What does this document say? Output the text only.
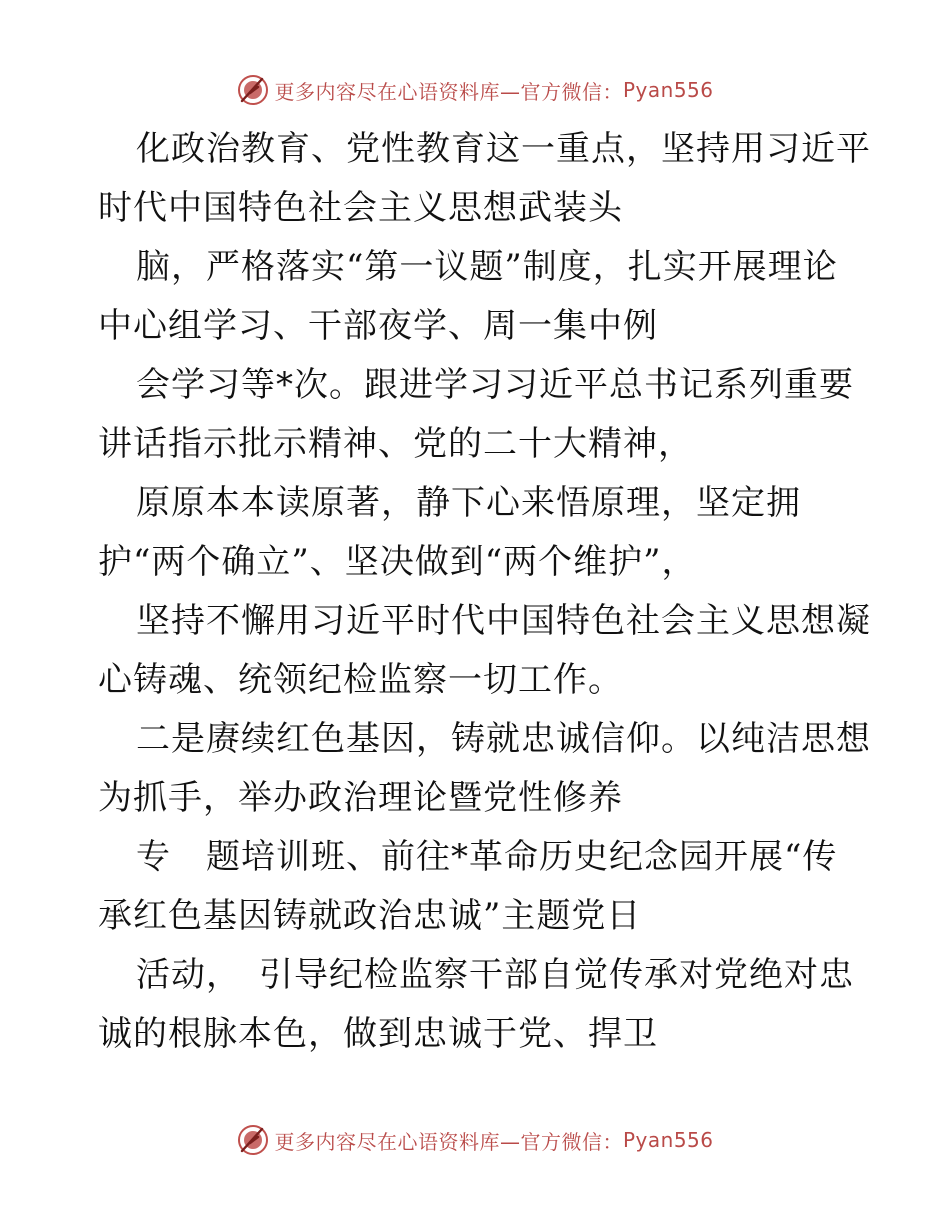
更多内容尽在心语资料库—官方微信： Pyan556

化政治教育、党性教育这一重点，坚持用习近平
时代中国特色社会主义思想武装头

脑，严格落实“第一议题”制度，扎实开展理论
中心组学习、干部夜学、周一集中例

会学习等*次。跟进学习习近平总书记系列重要
讲话指示批示精神、党的二十大精神，

原原本本读原著，静下心来悟原理，坚定拥
护“两个确立”、坚决做到“两个维护”，

坚持不懈用习近平时代中国特色社会主义思想凝
心铸魂、统领纪检监察一切工作。

二是赓续红色基因，铸就忠诚信仰。以纯洁思想
为抓手，举办政治理论暨党性修养

专　题培训班、前往*革命历史纪念园开展“传
承红色基因铸就政治忠诚”主题党日

活动，　引导纪检监察干部自觉传承对党绝对忠
诚的根脉本色，做到忠诚于党、捍卫

更多内容尽在心语资料库—官方微信： Pyan556
